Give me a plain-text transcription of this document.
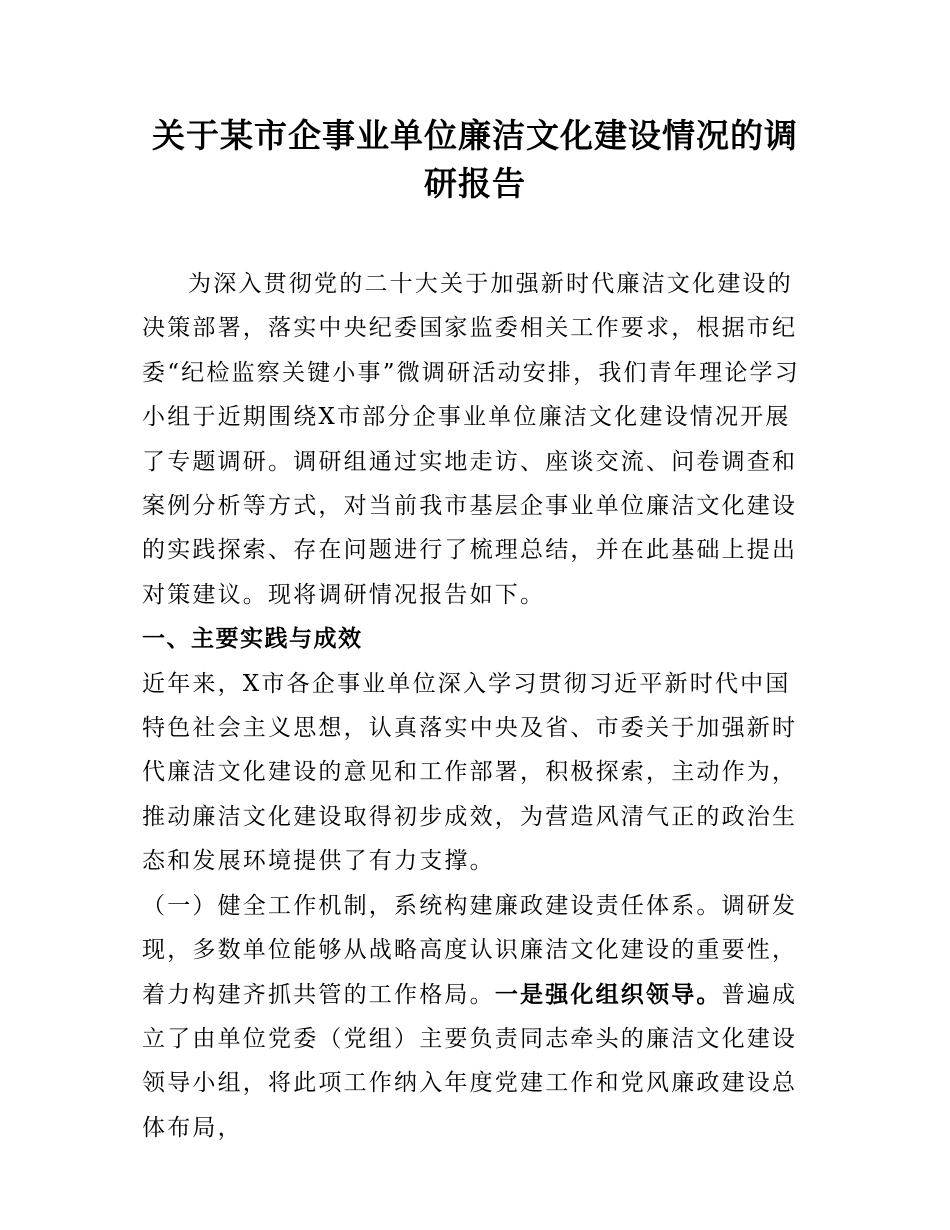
关于某市企事业单位廉洁文化建设情况的调研报告

为深入贯彻党的二十大关于加强新时代廉洁文化建设的决策部署，落实中央纪委国家监委相关工作要求，根据市纪委“纪检监察关键小事”微调研活动安排，我们青年理论学习小组于近期围绕X市部分企事业单位廉洁文化建设情况开展了专题调研。调研组通过实地走访、座谈交流、问卷调查和案例分析等方式，对当前我市基层企事业单位廉洁文化建设的实践探索、存在问题进行了梳理总结，并在此基础上提出对策建议。现将调研情况报告如下。

一、主要实践与成效

近年来，X市各企事业单位深入学习贯彻习近平新时代中国特色社会主义思想，认真落实中央及省、市委关于加强新时代廉洁文化建设的意见和工作部署，积极探索，主动作为，推动廉洁文化建设取得初步成效，为营造风清气正的政治生态和发展环境提供了有力支撑。

（一）健全工作机制，系统构建廉政建设责任体系。调研发现，多数单位能够从战略高度认识廉洁文化建设的重要性，着力构建齐抓共管的工作格局。一是强化组织领导。普遍成立了由单位党委（党组）主要负责同志牵头的廉洁文化建设领导小组，将此项工作纳入年度党建工作和党风廉政建设总体布局，
